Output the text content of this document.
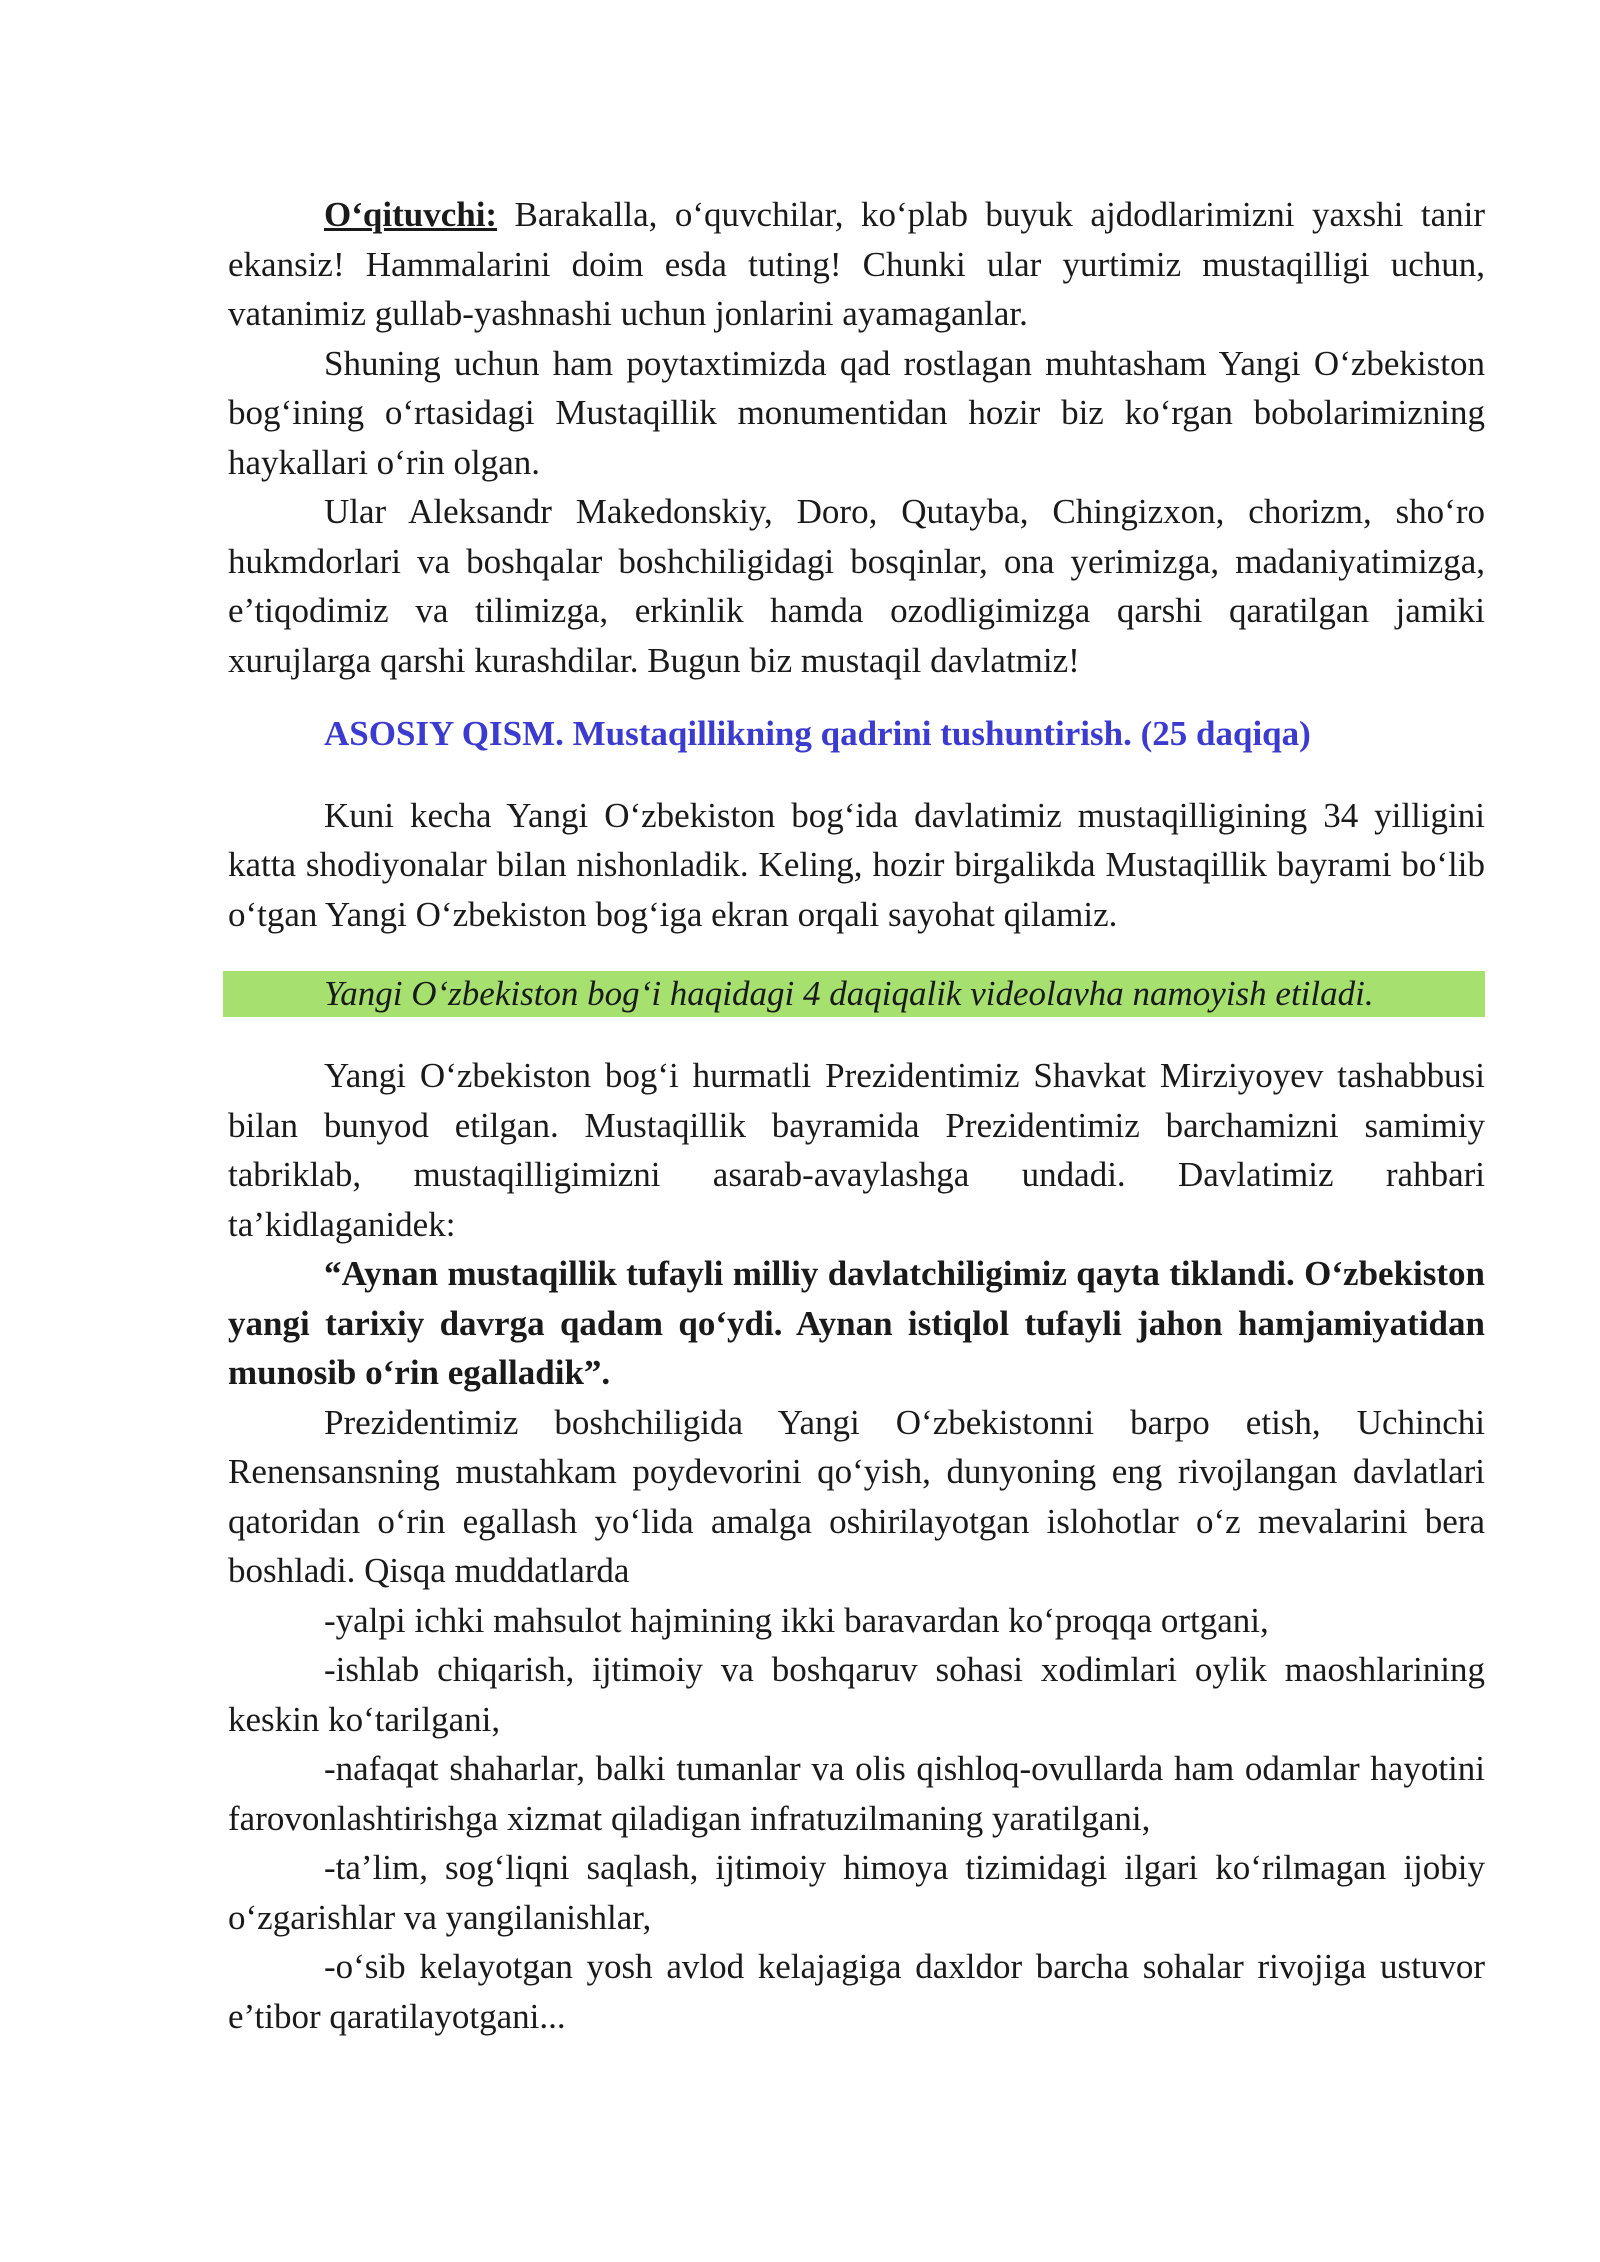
O‘qituvchi: Barakalla, o‘quvchilar, ko‘plab buyuk ajdodlarimizni yaxshi tanir ekansiz! Hammalarini doim esda tuting! Chunki ular yurtimiz mustaqilligi uchun, vatanimiz gullab-yashnashi uchun jonlarini ayamaganlar.

Shuning uchun ham poytaxtimizda qad rostlagan muhtasham Yangi O‘zbekiston bog‘ining o‘rtasidagi Mustaqillik monumentidan hozir biz ko‘rgan bobolarimizning haykallari o‘rin olgan.

Ular Aleksandr Makedonskiy, Doro, Qutayba, Chingizxon, chorizm, sho‘ro hukmdorlari va boshqalar boshchiligidagi bosqinlar, ona yerimizga, madaniyatimizga, e’tiqodimiz va tilimizga, erkinlik hamda ozodligimizga qarshi qaratilgan jamiki xurujlarga qarshi kurashdilar. Bugun biz mustaqil davlatmiz!

ASOSIY QISM. Mustaqillikning qadrini tushuntirish. (25 daqiqa)

Kuni kecha Yangi O‘zbekiston bog‘ida davlatimiz mustaqilligining 34 yilligini katta shodiyonalar bilan nishonladik. Keling, hozir birgalikda Mustaqillik bayrami bo‘lib o‘tgan Yangi O‘zbekiston bog‘iga ekran orqali sayohat qilamiz.

Yangi O‘zbekiston bog‘i haqidagi 4 daqiqalik videolavha namoyish etiladi.

Yangi O‘zbekiston bog‘i hurmatli Prezidentimiz Shavkat Mirziyoyev tashabbusi bilan bunyod etilgan. Mustaqillik bayramida Prezidentimiz barchamizni samimiy tabriklab, mustaqilligimizni asarab-avaylashga undadi. Davlatimiz rahbari ta’kidlaganidek:

“Aynan mustaqillik tufayli milliy davlatchiligimiz qayta tiklandi. O‘zbekiston yangi tarixiy davrga qadam qo‘ydi. Aynan istiqlol tufayli jahon hamjamiyatidan munosib o‘rin egalladik”.

Prezidentimiz boshchiligida Yangi O‘zbekistonni barpo etish, Uchinchi Renensansning mustahkam poydevorini qo‘yish, dunyoning eng rivojlangan davlatlari qatoridan o‘rin egallash yo‘lida amalga oshirilayotgan islohotlar o‘z mevalarini bera boshladi. Qisqa muddatlarda

-yalpi ichki mahsulot hajmining ikki baravardan ko‘proqqa ortgani,

-ishlab chiqarish, ijtimoiy va boshqaruv sohasi xodimlari oylik maoshlarining keskin ko‘tarilgani,

-nafaqat shaharlar, balki tumanlar va olis qishloq-ovullarda ham odamlar hayotini farovonlashtirishga xizmat qiladigan infratuzilmaning yaratilgani,

-ta’lim, sog‘liqni saqlash, ijtimoiy himoya tizimidagi ilgari ko‘rilmagan ijobiy o‘zgarishlar va yangilanishlar,

-o‘sib kelayotgan yosh avlod kelajagiga daxldor barcha sohalar rivojiga ustuvor e’tibor qaratilayotgani...
